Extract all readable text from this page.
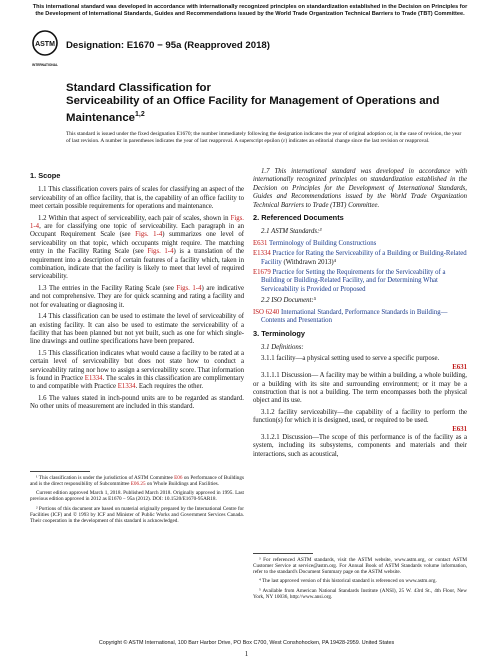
This international standard was developed in accordance with internationally recognized principles on standardization established in the Decision on Principles for the Development of International Standards, Guides and Recommendations issued by the World Trade Organization Technical Barriers to Trade (TBT) Committee.
ASTM
INTERNATIONAL
Designation: E1670 − 95a (Reapproved 2018)
Standard Classification for
Serviceability of an Office Facility for Management of Operations and Maintenance$^{1,2}$
This standard is issued under the fixed designation E1670; the number immediately following the designation indicates the year of original adoption or, in the case of revision, the year of last revision. A number in parentheses indicates the year of last reapproval. A superscript epsilon (ε) indicates an editorial change since the last revision or reapproval.
1. Scope

1.1 This classification covers pairs of scales for classifying an aspect of the serviceability of an office facility, that is, the capability of an office facility to meet certain possible requirements for operations and maintenance.

1.2 Within that aspect of serviceability, each pair of scales, shown in Figs. 1-4, are for classifying one topic of serviceability. Each paragraph in an Occupant Requirement Scale (see Figs. 1-4) summarizes one level of serviceability on that topic, which occupants might require. The matching entry in the Facility Rating Scale (see Figs. 1-4) is a translation of the requirement into a description of certain features of a facility which, taken in combination, indicate that the facility is likely to meet that level of required serviceability.

1.3 The entries in the Facility Rating Scale (see Figs. 1-4) are indicative and not comprehensive. They are for quick scanning and rating a facility and not for evaluating or diagnosing it.

1.4 This classification can be used to estimate the level of serviceability of an existing facility. It can also be used to estimate the serviceability of a facility that has been planned but not yet built, such as one for which single-line drawings and outline specifications have been prepared.

1.5 This classification indicates what would cause a facility to be rated at a certain level of serviceability but does not state how to conduct a serviceability rating nor how to assign a serviceability score. That information is found in Practice E1334. The scales in this classification are complimentary to and compatible with Practice E1334. Each requires the other.

1.6 The values stated in inch-pound units are to be regarded as standard. No other units of measurement are included in this standard.

¹ This classification is under the jurisdiction of ASTM Committee E06 on Performance of Buildings and is the direct responsibility of Subcommittee E06.25 on Whole Buildings and Facilities.

Current edition approved March 1, 2018. Published March 2018. Originally approved in 1995. Last previous edition approved in 2012 as E1670 − 95a (2012). DOI: 10.1520/E1670-95AR18.

² Portions of this document are based on material originally prepared by the International Centre for Facilities (ICF) and © 1993 by ICF and Minister of Public Works and Government Services Canada. Their cooperation in the development of this standard is acknowledged.

1.7 This international standard was developed in accordance with internationally recognized principles on standardization established in the Decision on Principles for the Development of International Standards, Guides and Recommendations issued by the World Trade Organization Technical Barriers to Trade (TBT) Committee.

2. Referenced Documents

2.1 ASTM Standards:³

E631 Terminology of Building Constructions
E1334 Practice for Rating the Serviceability of a Building or Building-Related Facility (Withdrawn 2013)⁴
E1679 Practice for Setting the Requirements for the Serviceability of a Building or Building-Related Facility, and for Determining What Serviceability is Provided or Proposed

2.2 ISO Document:⁵

ISO 6240 International Standard, Performance Standards in Building—Contents and Presentation
3. Terminology

3.1 Definitions:

3.1.1 facility—a physical setting used to serve a specific purpose.

E631

3.1.1.1 Discussion— A facility may be within a building, a whole building, or a building with its site and surrounding environment; or it may be a construction that is not a building. The term encompasses both the physical object and its use.

3.1.2 facility serviceability—the capability of a facility to perform the function(s) for which it is designed, used, or required to be used.

E631

3.1.2.1 Discussion—The scope of this performance is of the facility as a system, including its subsystems, components and materials and their interactions, such as acoustical,

³ For referenced ASTM standards, visit the ASTM website, www.astm.org, or contact ASTM Customer Service at service@astm.org. For Annual Book of ASTM Standards volume information, refer to the standard's Document Summary page on the ASTM website.

⁴ The last approved version of this historical standard is referenced on www.astm.org.

⁵ Available from American National Standards Institute (ANSI), 25 W. 43rd St., 4th Floor, New York, NY 10036, http://www.ansi.org.

Copyright © ASTM International, 100 Barr Harbor Drive, PO Box C700, West Conshohocken, PA 19428-2959. United States
1
